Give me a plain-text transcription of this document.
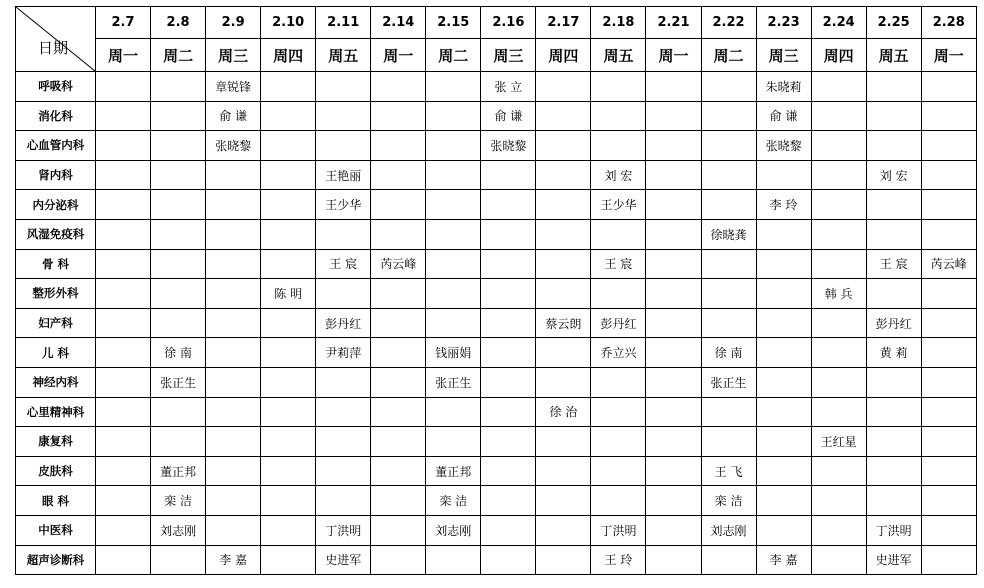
日期	2.7	2.8	2.9	2.10	2.11	2.14	2.15	2.16	2.17	2.18	2.21	2.22	2.23	2.24	2.25	2.28
	周一	周二	周三	周四	周五	周一	周二	周三	周四	周五	周一	周二	周三	周四	周五	周一
呼吸科			章锐锋					张 立					朱晓莉			
消化科			俞 谦					俞 谦					俞 谦			
心血管内科			张晓黎					张晓黎					张晓黎			
肾内科					王艳丽					刘 宏					刘 宏	
内分泌科					王少华					王少华			李 玲			
风湿免疫科												徐晓龚				
骨 科					王 宸	芮云峰				王 宸					王 宸	芮云峰
整形外科				陈 明										韩 兵		
妇产科					彭丹红				蔡云朗	彭丹红					彭丹红	
儿 科		徐 南			尹莉萍		钱丽娟			乔立兴		徐 南			黄 莉	
神经内科		张正生					张正生					张正生				
心里精神科									徐 治							
康复科														王红星		
皮肤科		董正邦					董正邦					王 飞				
眼 科		栾 洁					栾 洁					栾 洁				
中医科		刘志刚			丁洪明		刘志刚			丁洪明		刘志刚			丁洪明	
超声诊断科			李 嘉		史进军					王 玲			李 嘉		史进军	
